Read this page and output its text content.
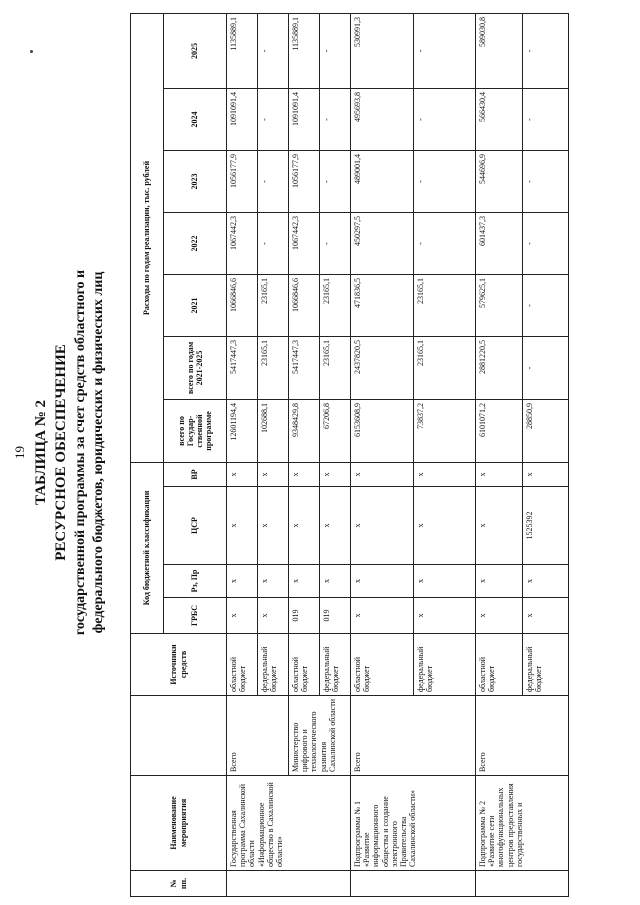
19 ТАБЛИЦА № 2 РЕСУРСНОЕ ОБЕСПЕЧЕНИЕ государственной программы за счет средств областного и федерального бюджетов, юридических и физических лиц
№ пп.	Наименование мероприятия		Источники средств	Код бюджетной классификации				Расходы по годам реализации, тыс. рублей						
				ГРБС	Рз, Пр	ЦСР	ВР	всего по Государ- ственной программе	всего по годам 2021-2025	2021	2022	2023	2024	2025
	Государственная программа Сахалинской области «Информационное общество в Сахалинской области»	Всего	областной бюджет	х	х	х	х	12601194,4	5417447,3	1066846,6	1067442,3	1056177,9	1091091,4	1135889,1
			федеральный бюджет	х	х	х	х	102688,1	23165,1	23165,1	-	-	-	-
		Министерство цифрового и технологического развития Сахалинской области	областной бюджет	019	х	х	х	9348429,8	5417447,3	1066846,6	1067442,3	1056177,9	1091091,4	1135889,1
			федеральный бюджет	019	х	х	х	67206,8	23165,1	23165,1	-	-	-	-
	Подпрограмма № 1 «Развитие информационного общества и создание электронного Правительства Сахалинской области»	Всего	областной бюджет	х	х	х	х	6153608,9	2437820,5	471836,5	450297,5	489001,4	495693,8	530991,3
			федеральный бюджет	х	х	х	х	73837,2	23165,1	23165,1	-	-	-	-
	Подпрограмма № 2 «Развитие сети многофункциональных центров предоставления государственных и	Всего	областной бюджет	х	х	х	х	6101071,2	2881220,5	579625,1	601437,3	544696,9	566430,4	589030,8
			федеральный бюджет	х	х	1525392	х	28850,9	-	-	-	-	-	-
